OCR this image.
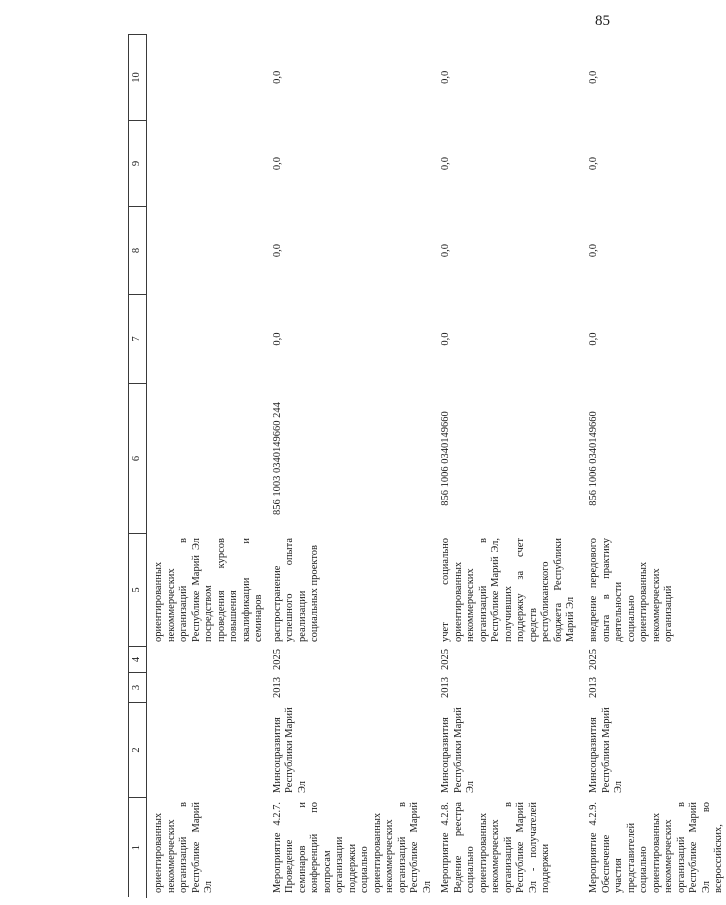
85
1	2	3	4	5	6	7	8	9	10
ориентированных некоммерческих организаций в Республике Марий Эл				ориентированных некоммерческих организаций в Республике Марий Эл посредством проведения курсов повышения квалификации и семинаров					
Мероприятие 4.2.7. Проведение семинаров и конференций по вопросам организации поддержки социально ориентированных некоммерческих организаций в Республике Марий Эл	Минсоцразвития Республики Марий Эл	2013	2025	распространение успешного опыта реализации социальных проектов	856 1003 0340149660 244	0,0	0,0	0,0	0,0
Мероприятие 4.2.8. Ведение реестра социально ориентированных некоммерческих организаций в Республике Марий Эл - получателей поддержки	Минсоцразвития Республики Марий Эл	2013	2025	учет социально ориентированных некоммерческих организаций в Республике Марий Эл, получивших поддержку за счет средств республиканского бюджета Республики Марий Эл	856 1006 0340149660	0,0	0,0	0,0	0,0
Мероприятие 4.2.9. Обеспечение участия представителей социально ориентированных некоммерческих организаций в Республике Марий Эл во всероссийских,	Минсоцразвития Республики Марий Эл	2013	2025	внедрение передового опыта в практику деятельности социально ориентированных некоммерческих организаций	856 1006 0340149660	0,0	0,0	0,0	0,0
